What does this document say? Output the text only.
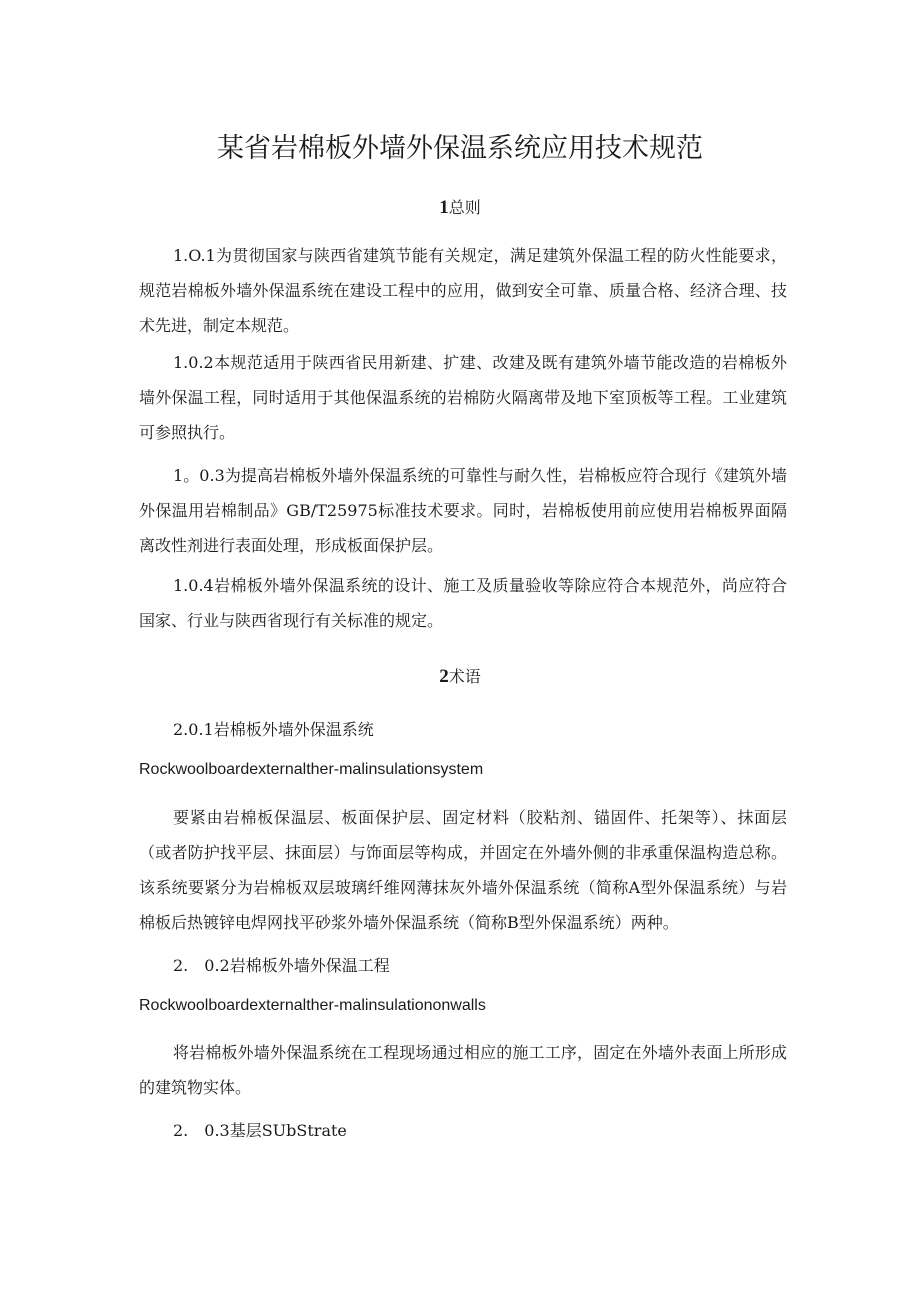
某省岩棉板外墙外保温系统应用技术规范
1总则
1.O.1为贯彻国家与陕西省建筑节能有关规定，满足建筑外保温工程的防火性能要求，规范岩棉板外墙外保温系统在建设工程中的应用，做到安全可靠、质量合格、经济合理、技术先进，制定本规范。
1.0.2本规范适用于陕西省民用新建、扩建、改建及既有建筑外墙节能改造的岩棉板外墙外保温工程，同时适用于其他保温系统的岩棉防火隔离带及地下室顶板等工程。工业建筑可参照执行。
1。0.3为提高岩棉板外墙外保温系统的可靠性与耐久性，岩棉板应符合现行《建筑外墙外保温用岩棉制品》GB/T25975标准技术要求。同时，岩棉板使用前应使用岩棉板界面隔离改性剂进行表面处理，形成板面保护层。
1.0.4岩棉板外墙外保温系统的设计、施工及质量验收等除应符合本规范外，尚应符合国家、行业与陕西省现行有关标准的规定。
2术语
2.0.1岩棉板外墙外保温系统
Rockwoolboardexternalther-malinsulationsystem
要紧由岩棉板保温层、板面保护层、固定材料（胶粘剂、锚固件、托架等）、抹面层（或者防护找平层、抹面层）与饰面层等构成，并固定在外墙外侧的非承重保温构造总称。该系统要紧分为岩棉板双层玻璃纤维网薄抹灰外墙外保温系统（简称A型外保温系统）与岩棉板后热镀锌电焊网找平砂浆外墙外保温系统（简称B型外保温系统）两种。
2.　0.2岩棉板外墙外保温工程
Rockwoolboardexternalther-malinsulationonwalls
将岩棉板外墙外保温系统在工程现场通过相应的施工工序，固定在外墙外表面上所形成的建筑物实体。
2.　0.3基层SUbStrate
